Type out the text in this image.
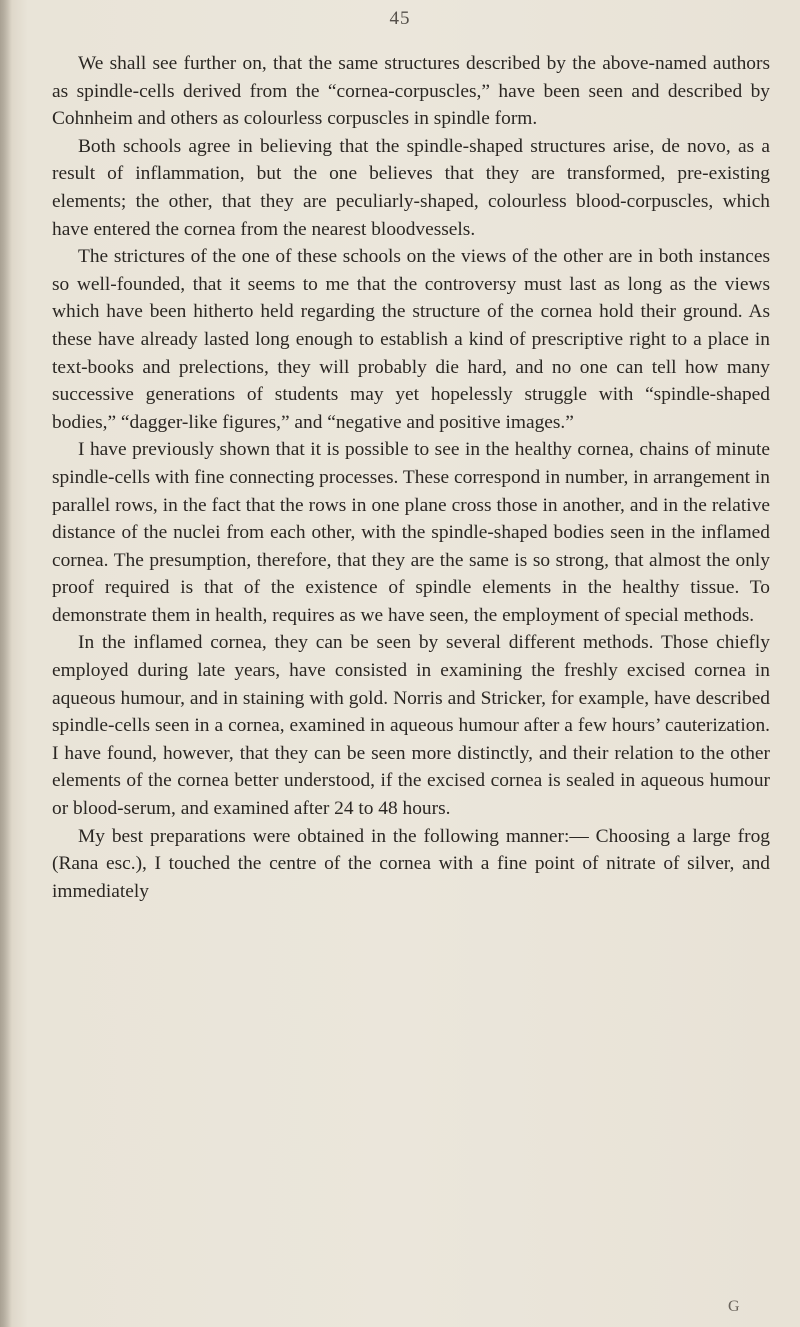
45

We shall see further on, that the same structures described by the above-named authors as spindle-cells derived from the “cornea-corpuscles,” have been seen and described by Cohnheim and others as colourless corpuscles in spindle form.

Both schools agree in believing that the spindle-shaped structures arise, de novo, as a result of inflammation, but the one believes that they are transformed, pre-existing elements; the other, that they are peculiarly-shaped, colourless blood-corpuscles, which have entered the cornea from the nearest bloodvessels.

The strictures of the one of these schools on the views of the other are in both instances so well-founded, that it seems to me that the controversy must last as long as the views which have been hitherto held regarding the structure of the cornea hold their ground. As these have already lasted long enough to establish a kind of prescriptive right to a place in text-books and prelections, they will probably die hard, and no one can tell how many successive generations of students may yet hopelessly struggle with “spindle-shaped bodies,” “dagger-like figures,” and “negative and positive images.”

I have previously shown that it is possible to see in the healthy cornea, chains of minute spindle-cells with fine connecting processes. These correspond in number, in arrangement in parallel rows, in the fact that the rows in one plane cross those in another, and in the relative distance of the nuclei from each other, with the spindle-shaped bodies seen in the inflamed cornea. The presumption, therefore, that they are the same is so strong, that almost the only proof required is that of the existence of spindle elements in the healthy tissue. To demonstrate them in health, requires as we have seen, the employment of special methods.

In the inflamed cornea, they can be seen by several different methods. Those chiefly employed during late years, have consisted in examining the freshly excised cornea in aqueous humour, and in staining with gold. Norris and Stricker, for example, have described spindle-cells seen in a cornea, examined in aqueous humour after a few hours’ cauterization. I have found, however, that they can be seen more distinctly, and their relation to the other elements of the cornea better understood, if the excised cornea is sealed in aqueous humour or blood-serum, and examined after 24 to 48 hours.

My best preparations were obtained in the following manner:— Choosing a large frog (Rana esc.), I touched the centre of the cornea with a fine point of nitrate of silver, and immediately

G
